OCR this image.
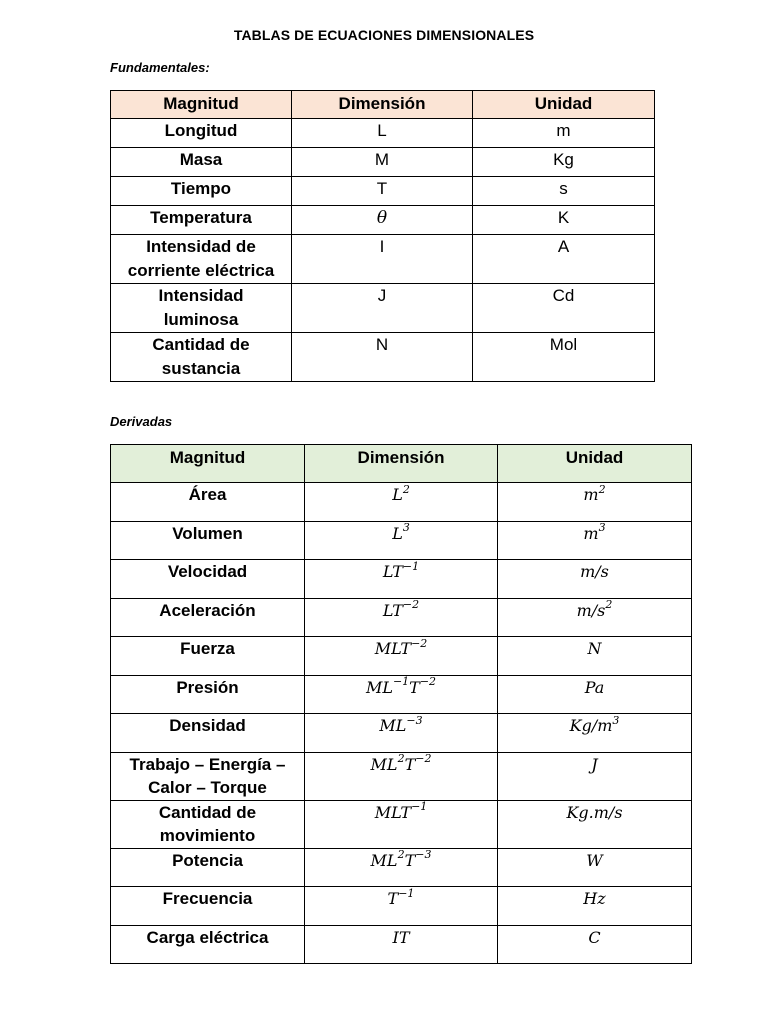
TABLAS DE ECUACIONES DIMENSIONALES
Fundamentales:
Magnitud	Dimensión	Unidad
Longitud	L	m
Masa	M	Kg
Tiempo	T	s
Temperatura	θ	K
Intensidad de
corriente eléctrica	I	A
Intensidad
luminosa	J	Cd
Cantidad de
sustancia	N	Mol
Derivadas
Magnitud	Dimensión	Unidad
Área	$L^2$	$m^2$
Volumen	$L^3$	$m^3$
Velocidad	$LT^{-1}$	m/s
Aceleración	$LT^{-2}$	$m/s^2$
Fuerza	$MLT^{-2}$	N
Presión	$ML^{-1}T^{-2}$	Pa
Densidad	$ML^{-3}$	$Kg/m^3$
Trabajo – Energía –
Calor – Torque	$ML^2T^{-2}$	J
Cantidad de
movimiento	$MLT^{-1}$	Kg.m/s
Potencia	$ML^2T^{-3}$	W
Frecuencia	$T^{-1}$	Hz
Carga eléctrica	IT	C
